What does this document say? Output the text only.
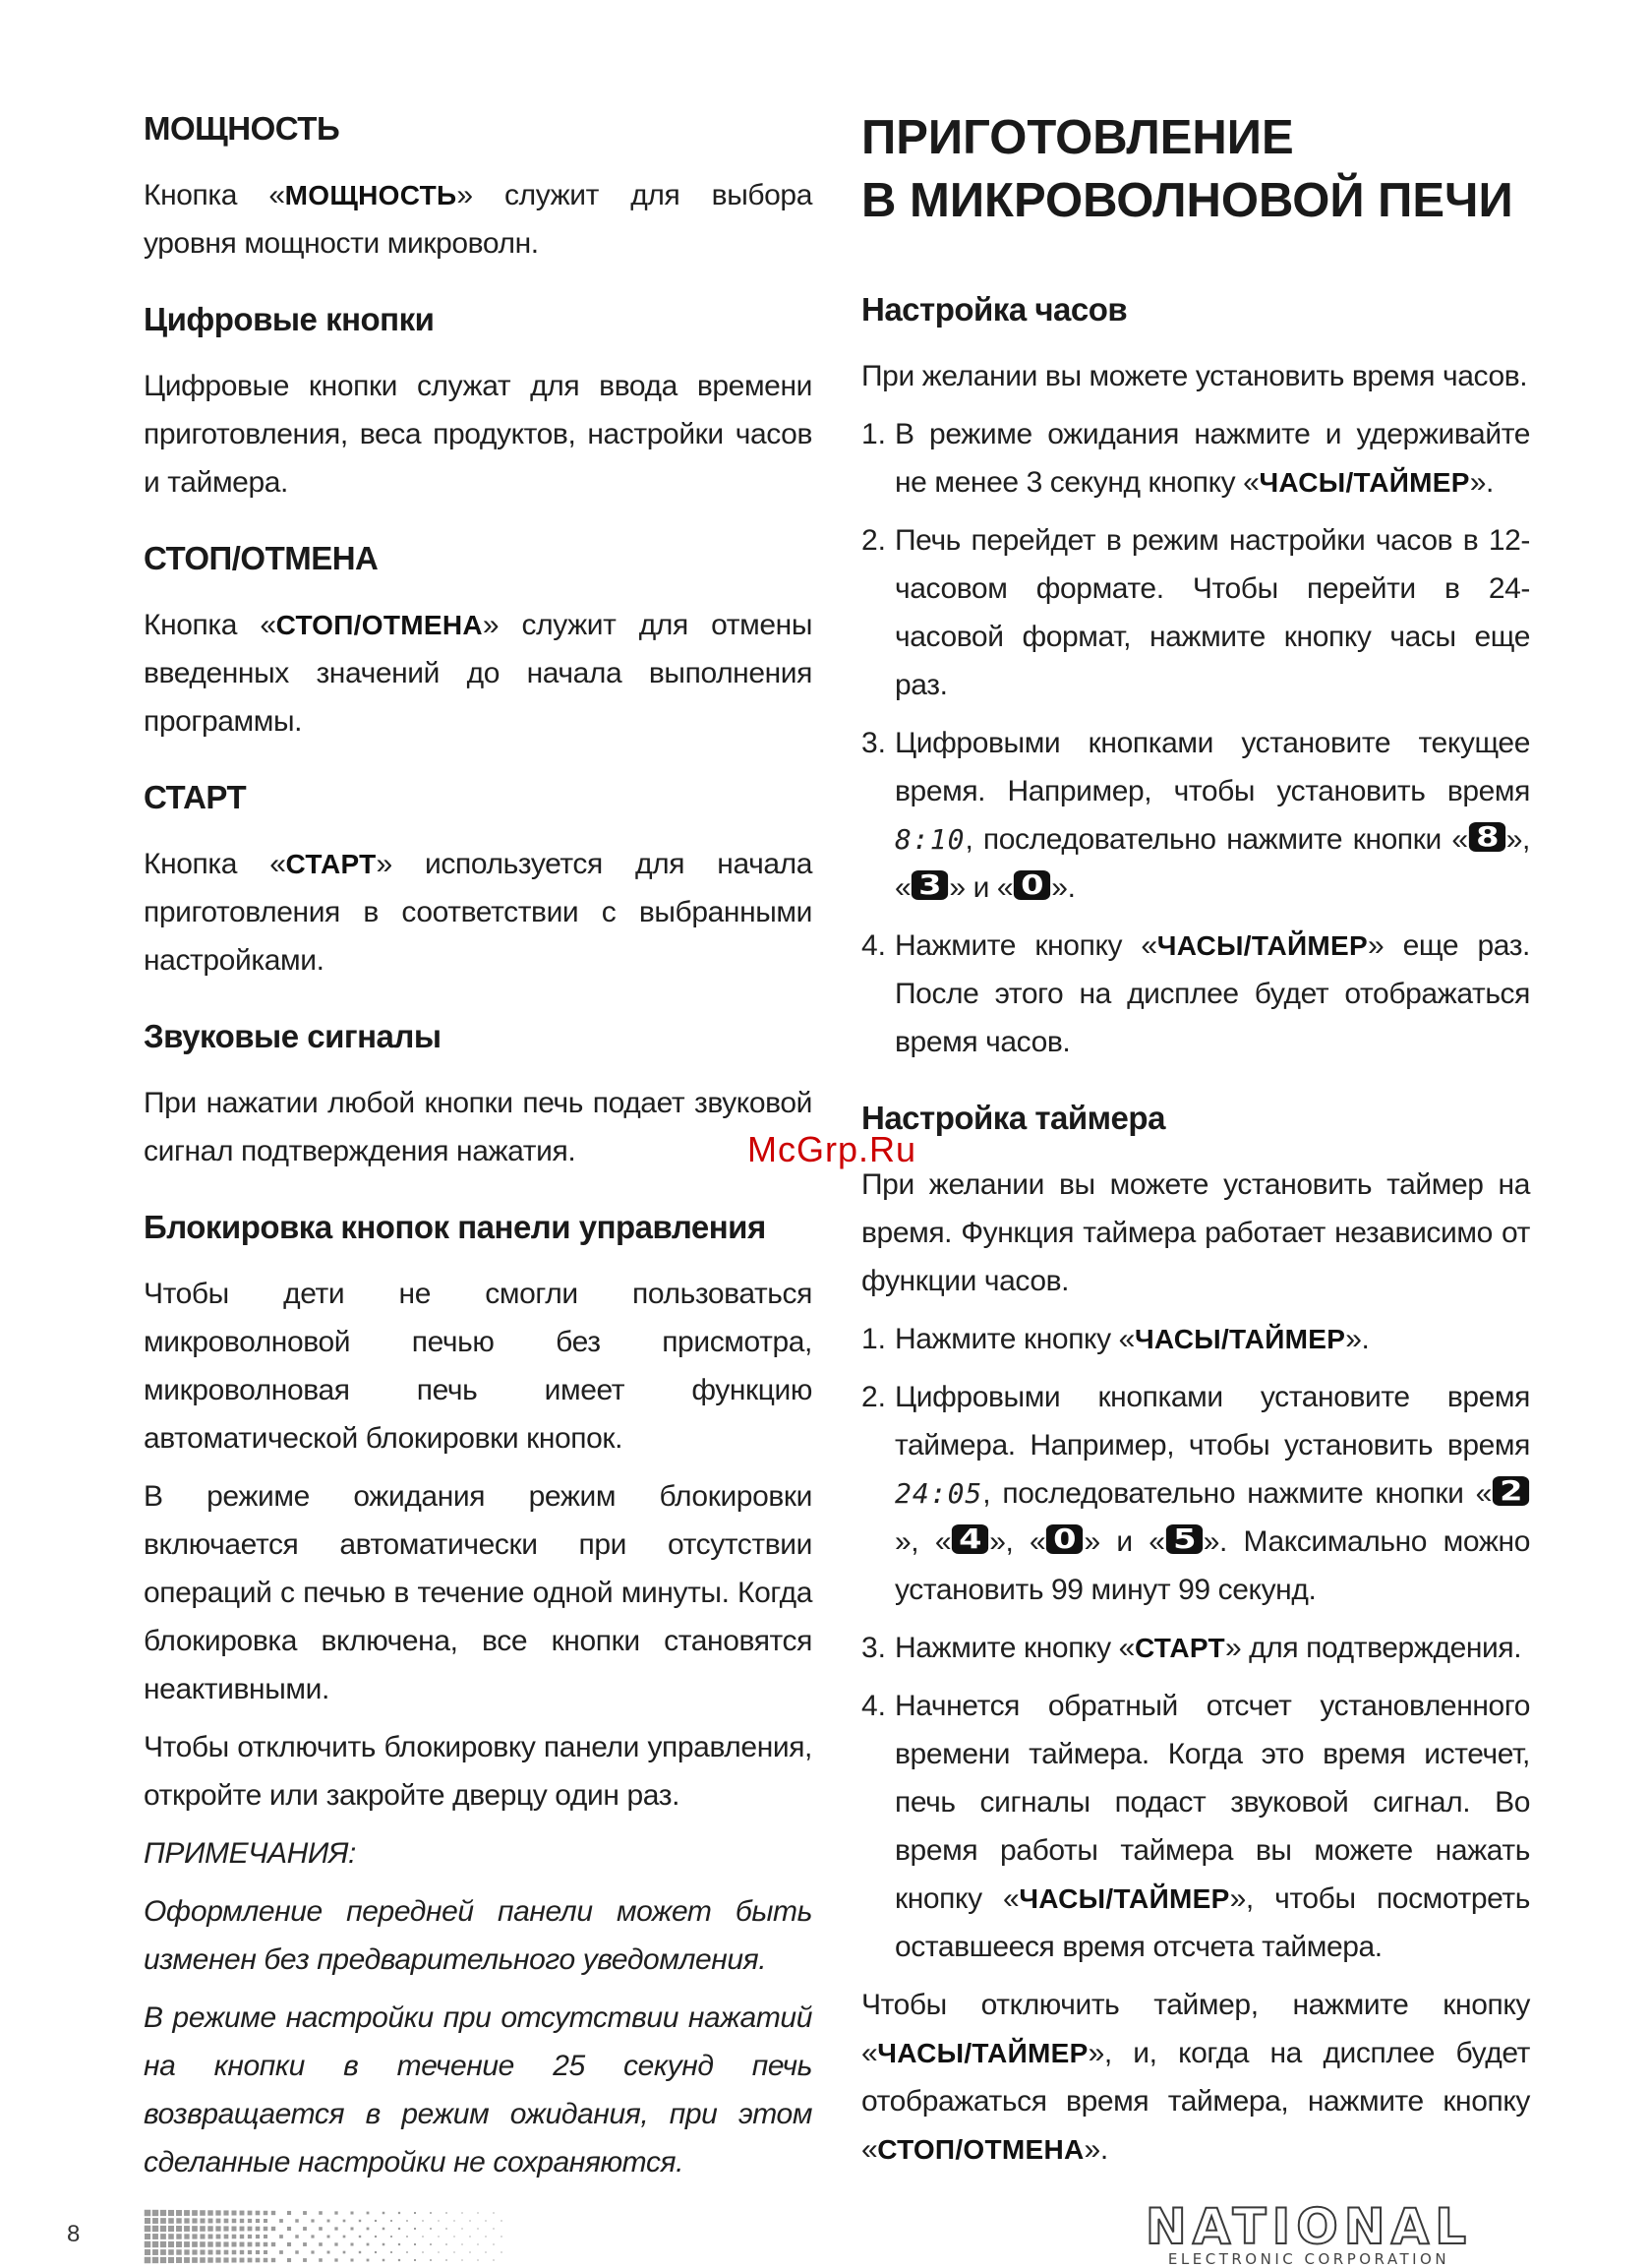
МОЩНОСТЬ

Кнопка «МОЩНОСТЬ» служит для выбора уровня мощности микроволн.

Цифровые кнопки

Цифровые кнопки служат для ввода времени приготовления, веса продуктов, настройки часов и таймера.

СТОП/ОТМЕНА

Кнопка «СТОП/ОТМЕНА» служит для отмены введенных значений до начала выполнения программы.

СТАРТ

Кнопка «СТАРТ» используется для начала приготовления в соответствии с выбранными настройками.

Звуковые сигналы

При нажатии любой кнопки печь подает звуковой сигнал подтверждения нажатия.

Блокировка кнопок панели управления

Чтобы дети не смогли пользоваться микроволновой печью без присмотра, микроволновая печь имеет функцию автоматической блокировки кнопок.

В режиме ожидания режим блокировки включается автоматически при отсутствии операций с печью в течение одной минуты. Когда блокировка включена, все кнопки становятся неактивными.

Чтобы отключить блокировку панели управления, откройте или закройте дверцу один раз.

ПРИМЕЧАНИЯ:

Оформление передней панели может быть изменен без предварительного уведомления.

В режиме настройки при отсутствии нажатий на кнопки в течение 25 секунд печь возвращается в режим ожидания, при этом сделанные настройки не сохраняются.

ПРИГОТОВЛЕНИЕ
В МИКРОВОЛНОВОЙ ПЕЧИ
Настройка часов

При желании вы можете установить время часов.

1. В режиме ожидания нажмите и удерживайте не менее 3 секунд кнопку «ЧАСЫ/ТАЙМЕР».

2. Печь перейдет в режим настройки часов в 12-часовом формате. Чтобы перейти в 24-часовой формат, нажмите кнопку часы еще раз.

3. Цифровыми кнопками установите текущее время. Например, чтобы установить время 8:10, последовательно нажмите кнопки « 8 », « 3 » и « 0 ».

4. Нажмите кнопку «ЧАСЫ/ТАЙМЕР» еще раз. После этого на дисплее будет отображаться время часов.

Настройка таймера

При желании вы можете установить таймер на время. Функция таймера работает независимо от функции часов.

1. Нажмите кнопку «ЧАСЫ/ТАЙМЕР».

2. Цифровыми кнопками установите время таймера. Например, чтобы установить время 24:05, последовательно нажмите кнопки « 2», « 4 », « 0 » и « 5 ». Максимально можно установить 99 минут 99 секунд.

3. Нажмите кнопку «СТАРТ» для подтверждения.

4. Начнется обратный отсчет установленного времени таймера. Когда это время истечет, печь сигналы подаст звуковой сигнал. Во время работы таймера вы можете нажать кнопку «ЧАСЫ/ТАЙМЕР», чтобы посмотреть оставшееся время отсчета таймера.

Чтобы отключить таймер, нажмите кнопку «ЧАСЫ/ТАЙМЕР», и, когда на дисплее будет отображаться время таймера, нажмите кнопку «СТОП/ОТМЕНА».

McGrp.Ru
8	NATIONAL
ELECTRONIC CORPORATION
